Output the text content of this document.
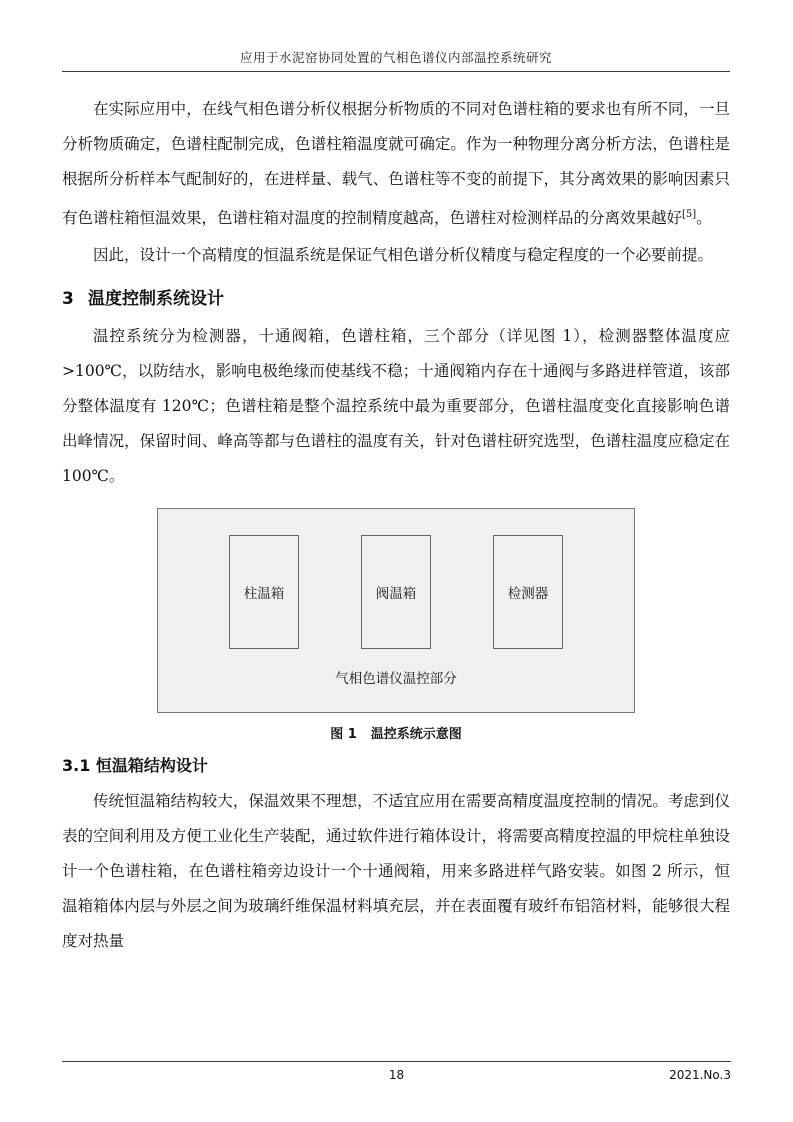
应用于水泥窑协同处置的气相色谱仪内部温控系统研究

在实际应用中，在线气相色谱分析仪根据分析物质的不同对色谱柱箱的要求也有所不同，一旦分析物质确定，色谱柱配制完成，色谱柱箱温度就可确定。作为一种物理分离分析方法，色谱柱是根据所分析样本气配制好的，在进样量、载气、色谱柱等不变的前提下，其分离效果的影响因素只有色谱柱箱恒温效果，色谱柱箱对温度的控制精度越高，色谱柱对检测样品的分离效果越好[5]。

因此，设计一个高精度的恒温系统是保证气相色谱分析仪精度与稳定程度的一个必要前提。

3 温度控制系统设计

温控系统分为检测器，十通阀箱，色谱柱箱，三个部分（详见图 1），检测器整体温度应>100℃，以防结水，影响电极绝缘而使基线不稳；十通阀箱内存在十通阀与多路进样管道，该部分整体温度有 120℃；色谱柱箱是整个温控系统中最为重要部分，色谱柱温度变化直接影响色谱出峰情况，保留时间、峰高等都与色谱柱的温度有关，针对色谱柱研究选型，色谱柱温度应稳定在 100℃。

柱温箱	阀温箱	检测器
气相色谱仪温控部分
图 1 温控系统示意图
3.1 恒温箱结构设计

传统恒温箱结构较大，保温效果不理想，不适宜应用在需要高精度温度控制的情况。考虑到仪表的空间利用及方便工业化生产装配，通过软件进行箱体设计，将需要高精度控温的甲烷柱单独设计一个色谱柱箱，在色谱柱箱旁边设计一个十通阀箱，用来多路进样气路安装。如图 2 所示，恒温箱箱体内层与外层之间为玻璃纤维保温材料填充层，并在表面覆有玻纤布铝箔材料，能够很大程度对热量

18	2021.No.3
